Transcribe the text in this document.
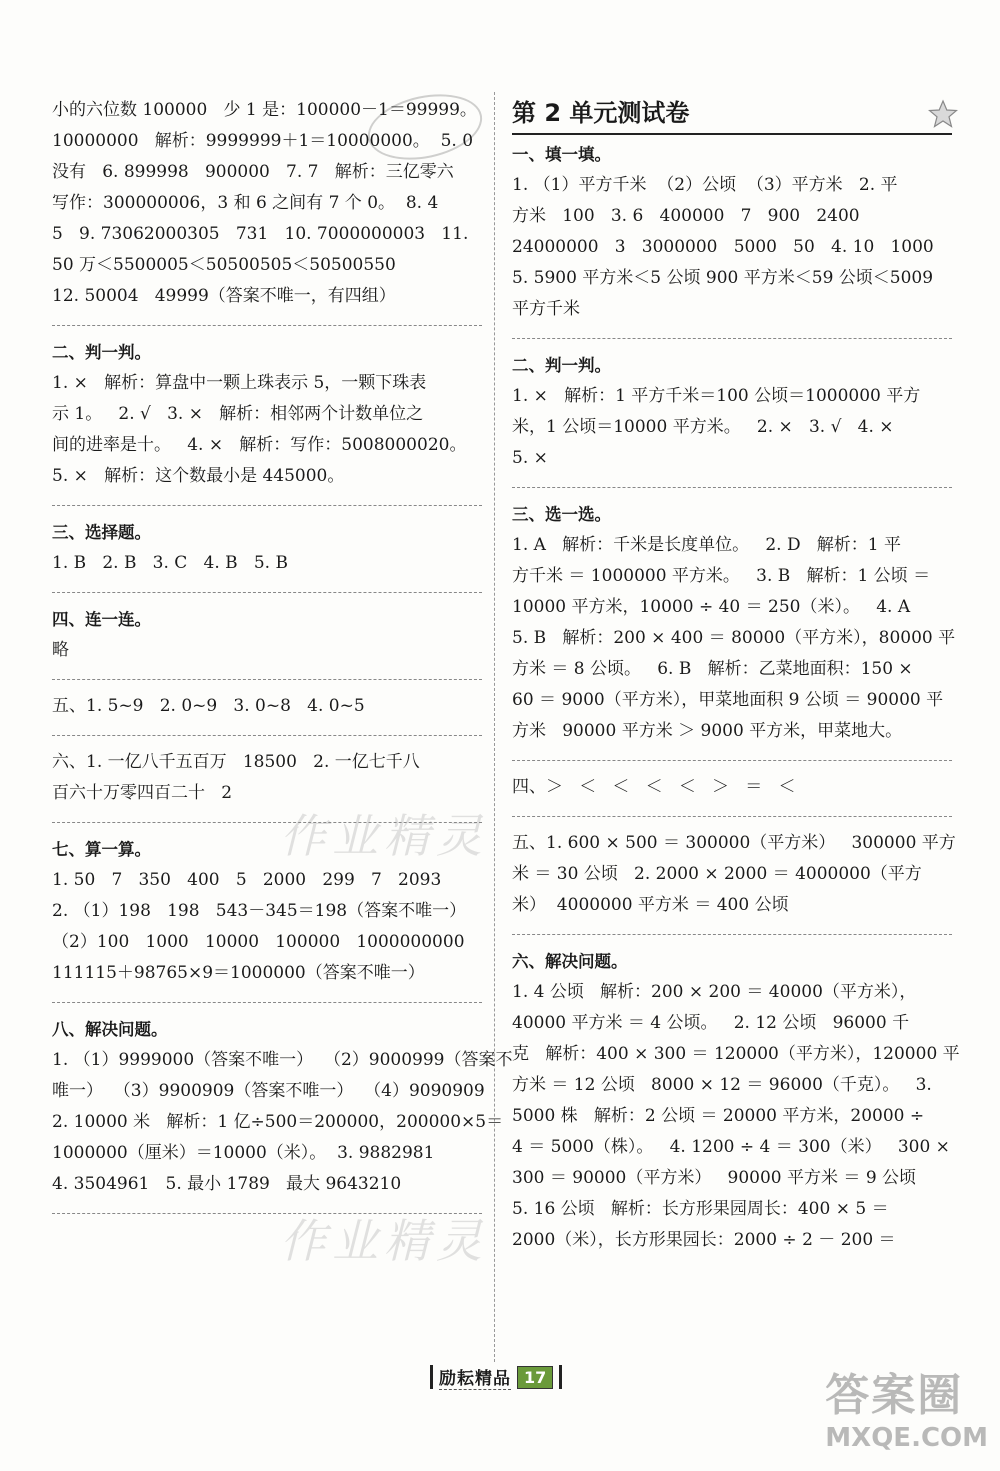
作业精灵
作业精灵
小的六位数 100000   少 1 是：100000－1＝99999。
10000000   解析：9999999＋1＝10000000。  5. 0
没有   6. 899998   900000   7. 7   解析：三亿零六
写作：300000006，3 和 6 之间有 7 个 0。  8. 4
5   9. 73062000305   731   10. 7000000003   11.
50 万＜5500005＜50500505＜50500550
12. 50004   49999（答案不唯一，有四组）
二、判一判。
1. ×   解析：算盘中一颗上珠表示 5，一颗下珠表
示 1。   2. √   3. ×   解析：相邻两个计数单位之
间的进率是十。   4. ×   解析：写作：5008000020。
5. ×   解析：这个数最小是 445000。
三、选择题。
1. B   2. B   3. C   4. B   5. B
四、连一连。
略
五、1. 5~9   2. 0~9   3. 0~8   4. 0~5
六、1. 一亿八千五百万   18500   2. 一亿七千八
百六十万零四百二十   2
七、算一算。
1. 50   7   350   400   5   2000   299   7   2093
2. （1）198   198   543－345＝198（答案不唯一）
（2）100   1000   10000   100000   1000000000
111115＋98765×9＝1000000（答案不唯一）
八、解决问题。
1. （1）9999000（答案不唯一）  （2）9000999（答案不
唯一）  （3）9900909（答案不唯一）  （4）9090909
2. 10000 米   解析：1 亿÷500＝200000，200000×5＝
1000000（厘米）＝10000（米）。  3. 9882981
4. 3504961   5. 最小 1789   最大 9643210
第 2 单元测试卷
一、填一填。
1. （1）平方千米  （2）公顷  （3）平方米   2. 平
方米   100   3. 6   400000   7   900   2400
24000000   3   3000000   5000   50   4. 10   1000
5. 5900 平方米＜5 公顷 900 平方米＜59 公顷＜5009
平方千米
二、判一判。
1. ×   解析：1 平方千米＝100 公顷＝1000000 平方
米，1 公顷＝10000 平方米。   2. ×   3. √   4. ×
5. ×
三、选一选。
1. A   解析：千米是长度单位。   2. D   解析：1 平
方千米 ＝ 1000000 平方米。   3. B   解析：1 公顷 ＝
10000 平方米，10000 ÷ 40 ＝ 250（米）。   4. A
5. B   解析：200 × 400 ＝ 80000（平方米），80000 平
方米 ＝ 8 公顷。   6. B   解析：乙菜地面积：150 ×
60 ＝ 9000（平方米），甲菜地面积 9 公顷 ＝ 90000 平
方米   90000 平方米 ＞ 9000 平方米，甲菜地大。
四、＞   ＜   ＜   ＜   ＜   ＞   ＝   ＜
五、1. 600 × 500 ＝ 300000（平方米）   300000 平方
米 ＝ 30 公顷   2. 2000 × 2000 ＝ 4000000（平方
米）  4000000 平方米 ＝ 400 公顷
六、解决问题。
1. 4 公顷   解析：200 × 200 ＝ 40000（平方米），
40000 平方米 ＝ 4 公顷。   2. 12 公顷   96000 千
克   解析：400 × 300 ＝ 120000（平方米），120000 平
方米 ＝ 12 公顷   8000 × 12 ＝ 96000（千克）。   3.
5000 株   解析：2 公顷 ＝ 20000 平方米，20000 ÷
4 ＝ 5000（株）。   4. 1200 ÷ 4 ＝ 300（米）   300 ×
300 ＝ 90000（平方米）   90000 平方米 ＝ 9 公顷
5. 16 公顷   解析：长方形果园周长：400 × 5 ＝
2000（米），长方形果园长：2000 ÷ 2 － 200 ＝
励耘精品 17	答案圈
MXQE.COM
